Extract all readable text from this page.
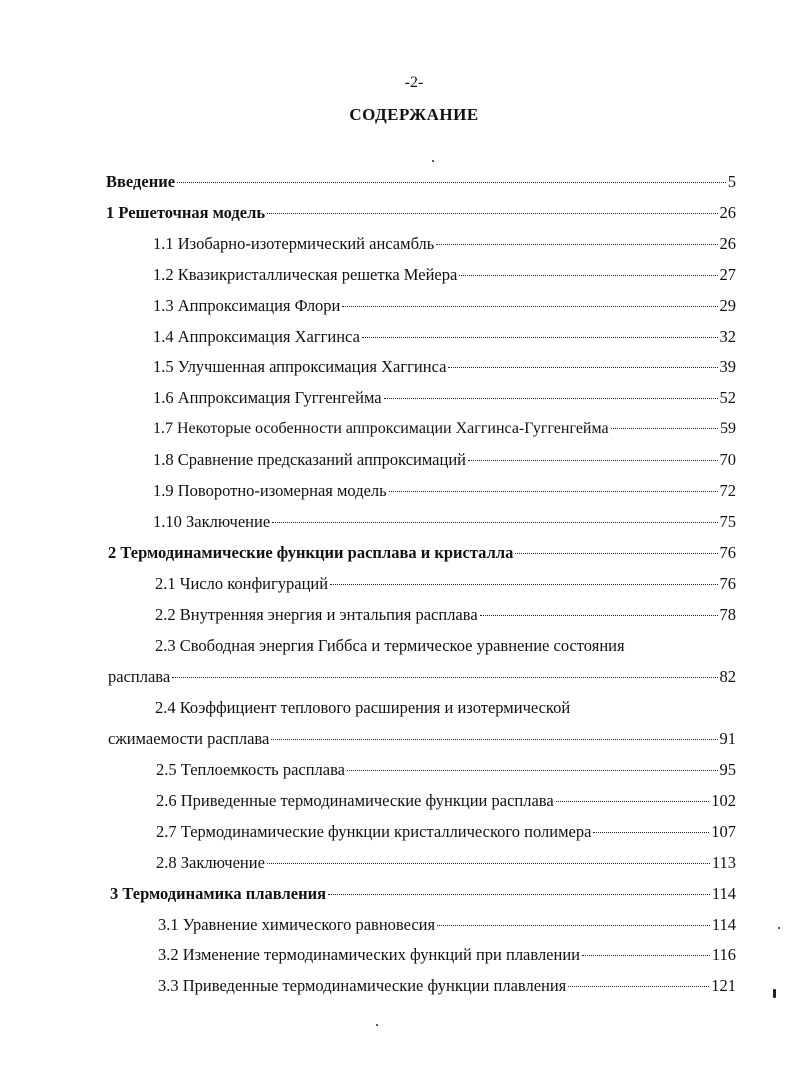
-2-
СОДЕРЖАНИЕ
Введение	5
1 Решеточная модель	26
1.1 Изобарно-изотермический ансамбль	26
1.2 Квазикристаллическая решетка Мейера	27
1.3 Аппроксимация Флори	29
1.4 Аппроксимация Хаггинса	32
1.5 Улучшенная аппроксимация Хаггинса	39
1.6 Аппроксимация Гуггенгейма	52
1.7 Некоторые особенности аппроксимации Хаггинса-Гуггенгейма	59
1.8 Сравнение предсказаний аппроксимаций	70
1.9 Поворотно-изомерная модель	72
1.10 Заключение	75
2 Термодинамические функции расплава и кристалла	76
2.1 Число конфигураций	76
2.2 Внутренняя энергия и энтальпия расплава	78
2.3 Свободная энергия Гиббса и термическое уравнение состояния
расплава	82
2.4 Коэффициент теплового расширения и изотермической
сжимаемости расплава	91
2.5 Теплоемкость расплава	95
2.6 Приведенные термодинамические функции расплава	102
2.7 Термодинамические функции кристаллического полимера	107
2.8 Заключение	113
3 Термодинамика плавления	114
3.1 Уравнение химического равновесия	114
3.2 Изменение термодинамических функций при плавлении	116
3.3 Приведенные термодинамические функции плавления	121
